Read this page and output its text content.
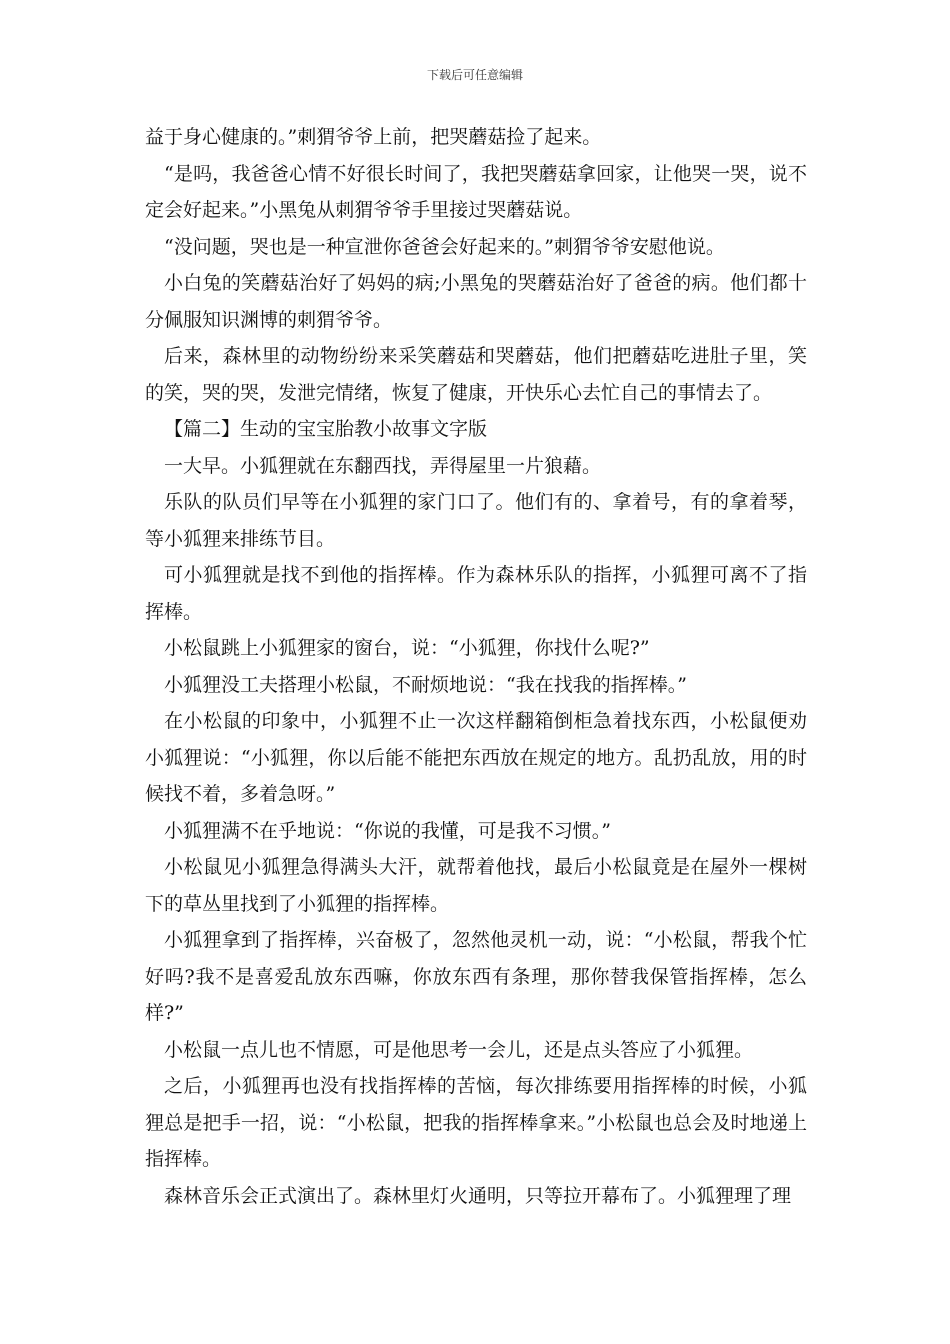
下载后可任意编辑

益于身心健康的。”刺猬爷爷上前，把哭蘑菇捡了起来。

“是吗，我爸爸心情不好很长时间了，我把哭蘑菇拿回家，让他哭一哭，说不定会好起来。”小黑兔从刺猬爷爷手里接过哭蘑菇说。

“没问题，哭也是一种宣泄你爸爸会好起来的。”刺猬爷爷安慰他说。

小白兔的笑蘑菇治好了妈妈的病;小黑兔的哭蘑菇治好了爸爸的病。他们都十分佩服知识渊博的刺猬爷爷。

后来，森林里的动物纷纷来采笑蘑菇和哭蘑菇，他们把蘑菇吃进肚子里，笑的笑，哭的哭，发泄完情绪，恢复了健康，开快乐心去忙自己的事情去了。

【篇二】生动的宝宝胎教小故事文字版

一大早。小狐狸就在东翻西找，弄得屋里一片狼藉。

乐队的队员们早等在小狐狸的家门口了。他们有的、拿着号，有的拿着琴，等小狐狸来排练节目。

可小狐狸就是找不到他的指挥棒。作为森林乐队的指挥，小狐狸可离不了指挥棒。

小松鼠跳上小狐狸家的窗台，说：“小狐狸，你找什么呢?”

小狐狸没工夫搭理小松鼠，不耐烦地说：“我在找我的指挥棒。”

在小松鼠的印象中，小狐狸不止一次这样翻箱倒柜急着找东西，小松鼠便劝小狐狸说：“小狐狸，你以后能不能把东西放在规定的地方。乱扔乱放，用的时候找不着，多着急呀。”

小狐狸满不在乎地说：“你说的我懂，可是我不习惯。”

小松鼠见小狐狸急得满头大汗，就帮着他找，最后小松鼠竟是在屋外一棵树下的草丛里找到了小狐狸的指挥棒。

小狐狸拿到了指挥棒，兴奋极了，忽然他灵机一动，说：“小松鼠，帮我个忙好吗?我不是喜爱乱放东西嘛，你放东西有条理，那你替我保管指挥棒，怎么样?”

小松鼠一点儿也不情愿，可是他思考一会儿，还是点头答应了小狐狸。

之后，小狐狸再也没有找指挥棒的苦恼，每次排练要用指挥棒的时候，小狐狸总是把手一招，说：“小松鼠，把我的指挥棒拿来。”小松鼠也总会及时地递上指挥棒。

森林音乐会正式演出了。森林里灯火通明，只等拉开幕布了。小狐狸理了理
